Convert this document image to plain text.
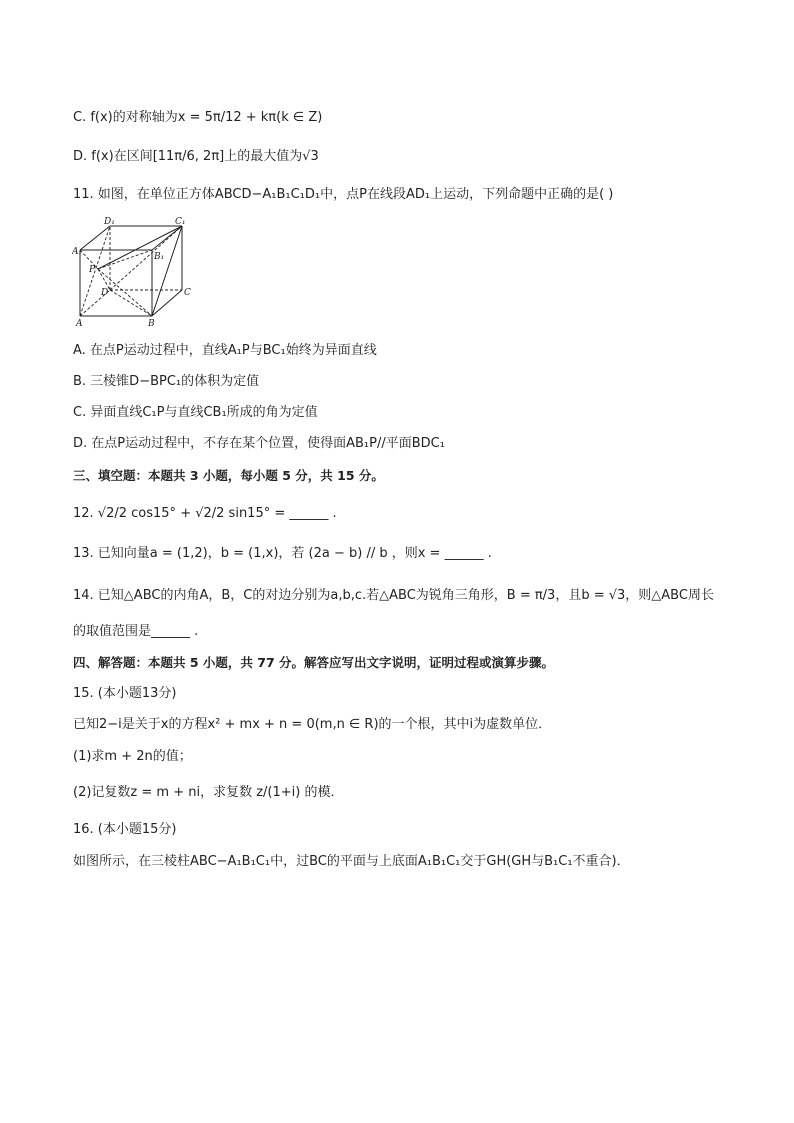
C. f(x)的对称轴为x = 5π/12 + kπ(k ∈ Z)
D. f(x)在区间[11π/6, 2π]上的最大值为√3
11. 如图，在单位正方体ABCD−A₁B₁C₁D₁中，点P在线段AD₁上运动，下列命题中正确的是( )
D₁	C₁
A₁	B₁
P
D	C
A	B
A. 在点P运动过程中，直线A₁P与BC₁始终为异面直线
B. 三棱锥D−BPC₁的体积为定值
C. 异面直线C₁P与直线CB₁所成的角为定值
D. 在点P运动过程中，不存在某个位置，使得面AB₁P//平面BDC₁
三、填空题：本题共 3 小题，每小题 5 分，共 15 分。
12. √2/2 cos15° + √2/2 sin15° = ______ .
13. 已知向量a = (1,2)，b = (1,x)，若 (2a − b) // b ，则x = ______ .
14. 已知△ABC的内角A，B，C的对边分别为a,b,c.若△ABC为锐角三角形，B = π/3，且b = √3，则△ABC周长
的取值范围是______ .
四、解答题：本题共 5 小题，共 77 分。解答应写出文字说明，证明过程或演算步骤。
15. (本小题13分)
已知2−i是关于x的方程x² + mx + n = 0(m,n ∈ R)的一个根，其中i为虚数单位．
(1)求m + 2n的值；
(2)记复数z = m + ni，求复数 z/(1+i) 的模．
16. (本小题15分)
如图所示，在三棱柱ABC−A₁B₁C₁中，过BC的平面与上底面A₁B₁C₁交于GH(GH与B₁C₁不重合)．
